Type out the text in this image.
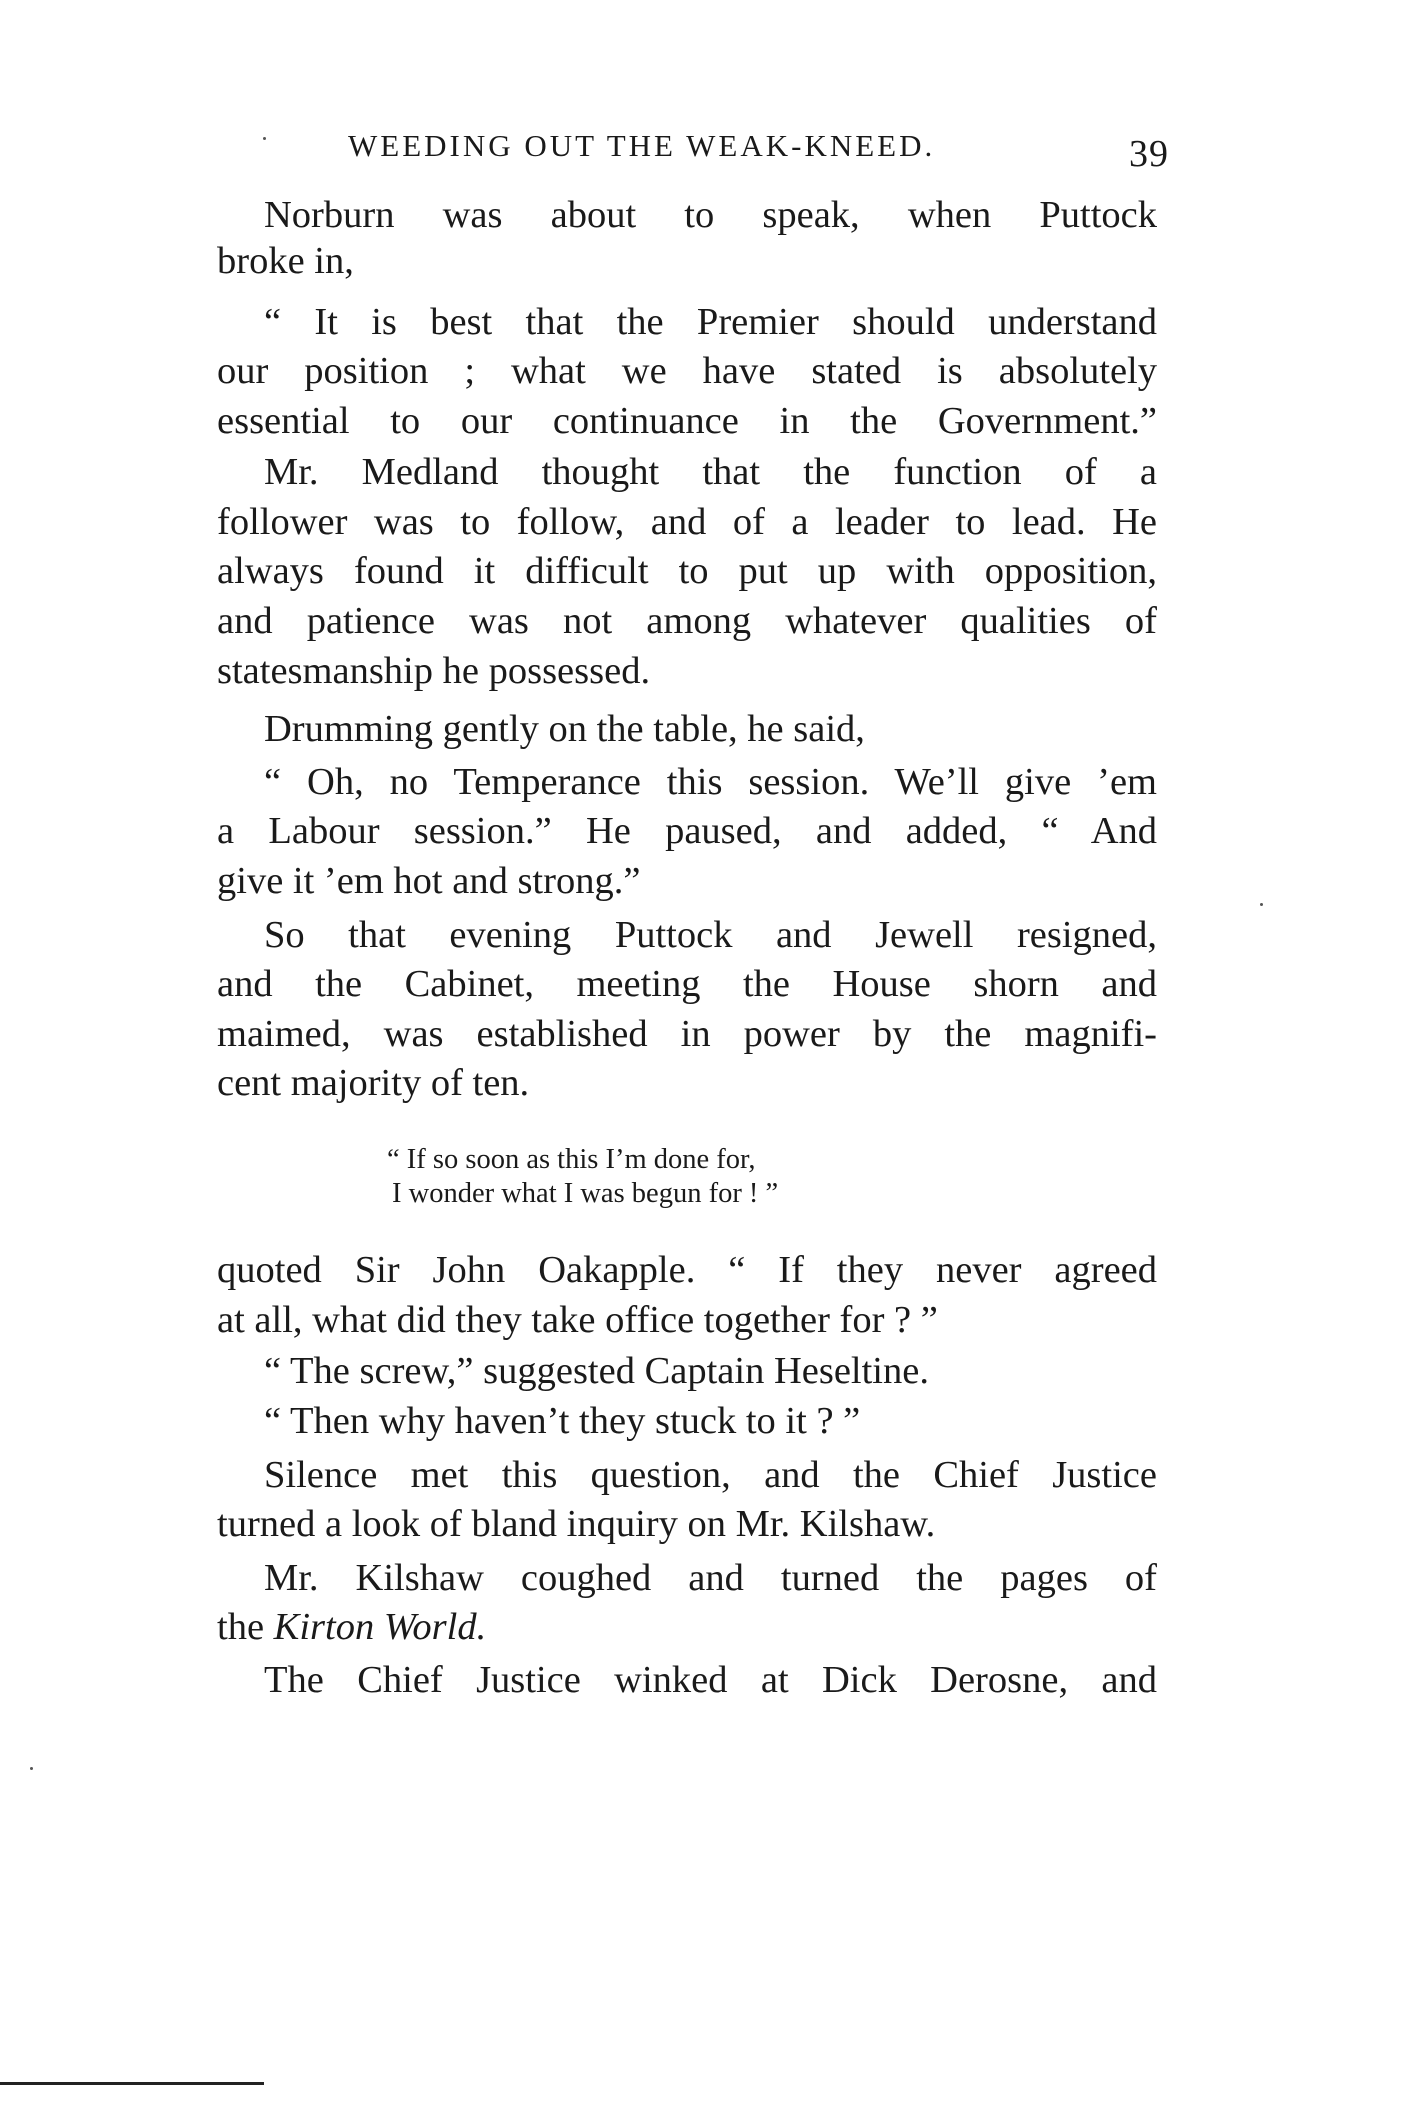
WEEDING OUT THE WEAK-KNEED.	39
Norburn was about to speak, when Puttock
broke in,
“ It is best that the Premier should understand
our position ; what we have stated is absolutely
essential to our continuance in the Government.”
Mr. Medland thought that the function of a
follower was to follow, and of a leader to lead. He
always found it difficult to put up with opposition,
and patience was not among whatever qualities of
statesmanship he possessed.
Drumming gently on the table, he said,
“ Oh, no Temperance this session. We’ll give ’em
a Labour session.” He paused, and added, “ And
give it ’em hot and strong.”
So that evening Puttock and Jewell resigned,
and the Cabinet, meeting the House shorn and
maimed, was established in power by the magnifi-
cent majority of ten.
“ If so soon as this I’m done for,
I wonder what I was begun for ! ”
quoted Sir John Oakapple. “ If they never agreed
at all, what did they take office together for ? ”
“ The screw,” suggested Captain Heseltine.
“ Then why haven’t they stuck to it ? ”
Silence met this question, and the Chief Justice
turned a look of bland inquiry on Mr. Kilshaw.
Mr. Kilshaw coughed and turned the pages of
the Kirton World.
The Chief Justice winked at Dick Derosne, and
